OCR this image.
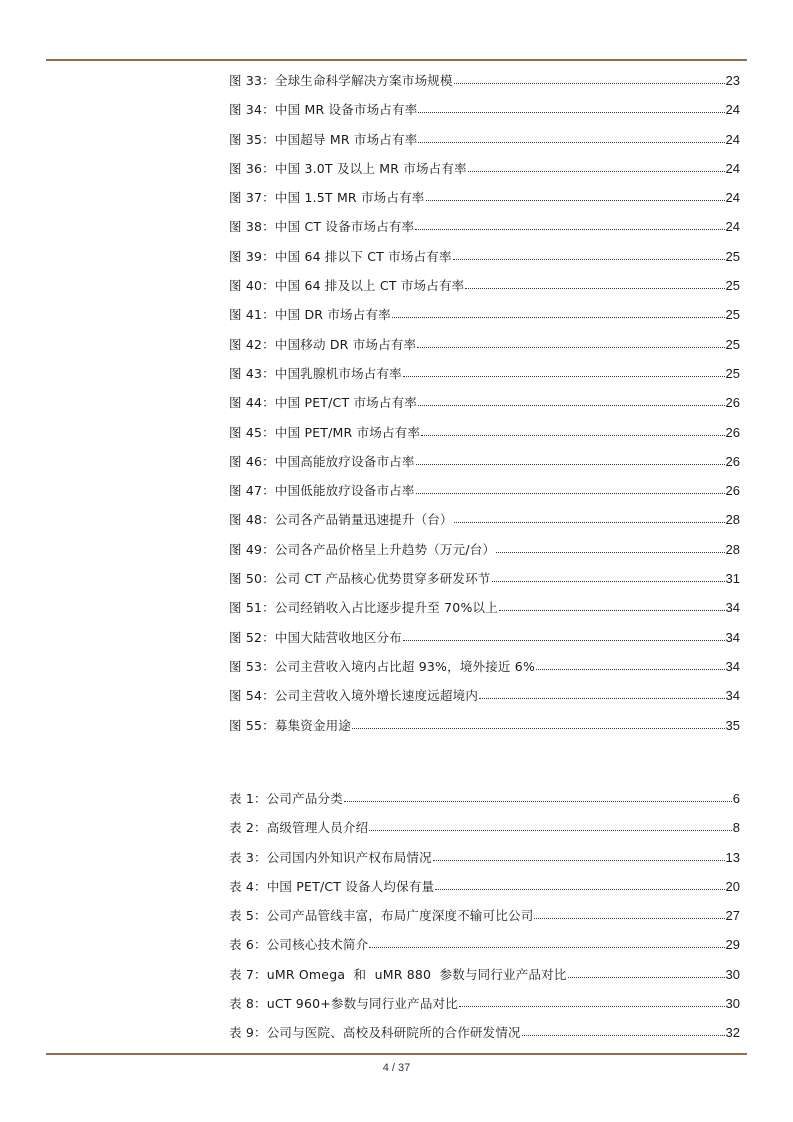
图 33：全球生命科学解决方案市场规模	23
图 34：中国 MR 设备市场占有率	24
图 35：中国超导 MR 市场占有率	24
图 36：中国 3.0T 及以上 MR 市场占有率	24
图 37：中国 1.5T MR 市场占有率	24
图 38：中国 CT 设备市场占有率	24
图 39：中国 64 排以下 CT 市场占有率	25
图 40：中国 64 排及以上 CT 市场占有率	25
图 41：中国 DR 市场占有率	25
图 42：中国移动 DR 市场占有率	25
图 43：中国乳腺机市场占有率	25
图 44：中国 PET/CT 市场占有率	26
图 45：中国 PET/MR 市场占有率	26
图 46：中国高能放疗设备市占率	26
图 47：中国低能放疗设备市占率	26
图 48：公司各产品销量迅速提升（台）	28
图 49：公司各产品价格呈上升趋势（万元/台）	28
图 50：公司 CT 产品核心优势贯穿多研发环节	31
图 51：公司经销收入占比逐步提升至 70%以上	34
图 52：中国大陆营收地区分布	34
图 53：公司主营收入境内占比超 93%，境外接近 6%	34
图 54：公司主营收入境外增长速度远超境内	34
图 55：募集资金用途	35
表 1：公司产品分类	6
表 2：高级管理人员介绍	8
表 3：公司国内外知识产权布局情况	13
表 4：中国 PET/CT 设备人均保有量	20
表 5：公司产品管线丰富，布局广度深度不输可比公司	27
表 6：公司核心技术简介	29
表 7：uMR Omega  和  uMR 880  参数与同行业产品对比	30
表 8：uCT 960+参数与同行业产品对比	30
表 9：公司与医院、高校及科研院所的合作研发情况	32
4 / 37
